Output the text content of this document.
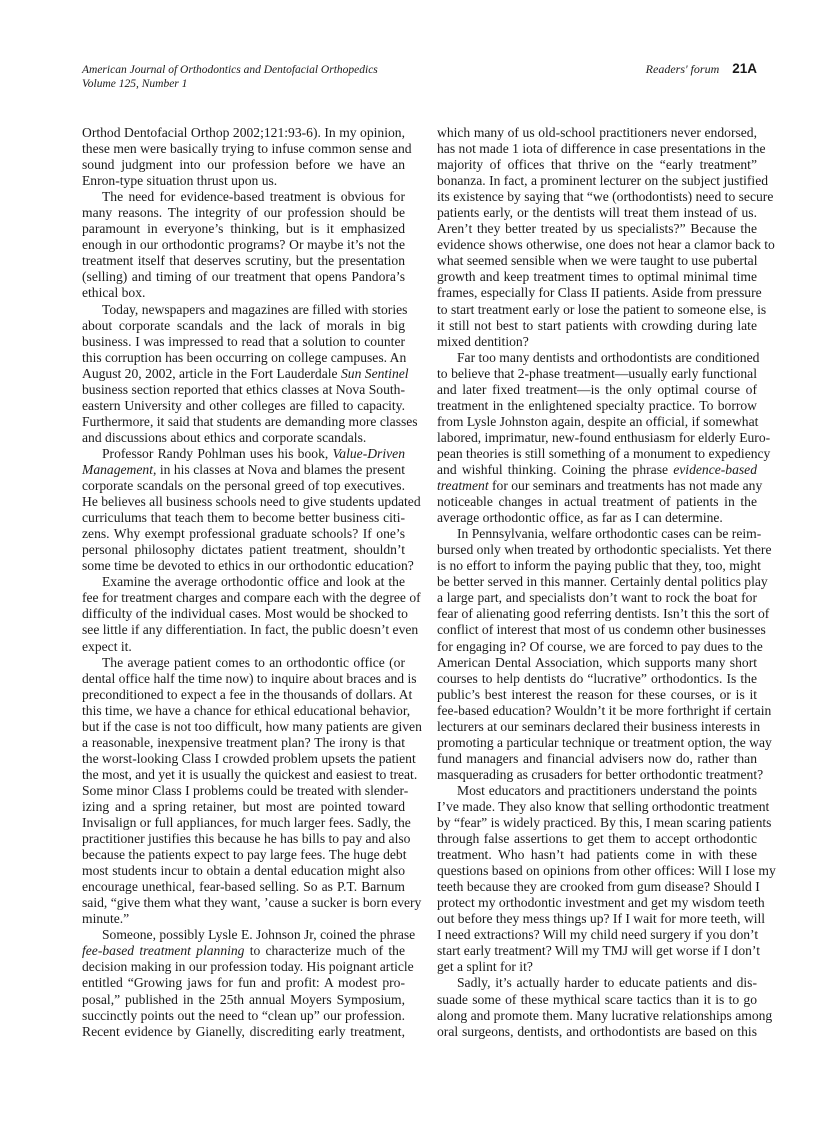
American Journal of Orthodontics and Dentofacial Orthopedics
Volume 125, Number 1
Readers' forum 21A
Orthod Dentofacial Orthop 2002;121:93-6). In my opinion,
these men were basically trying to infuse common sense and
sound judgment into our profession before we have an
Enron-type situation thrust upon us.
The need for evidence-based treatment is obvious for
many reasons. The integrity of our profession should be
paramount in everyone’s thinking, but is it emphasized
enough in our orthodontic programs? Or maybe it’s not the
treatment itself that deserves scrutiny, but the presentation
(selling) and timing of our treatment that opens Pandora’s
ethical box.
Today, newspapers and magazines are filled with stories
about corporate scandals and the lack of morals in big
business. I was impressed to read that a solution to counter
this corruption has been occurring on college campuses. An
August 20, 2002, article in the Fort Lauderdale Sun Sentinel
business section reported that ethics classes at Nova South-
eastern University and other colleges are filled to capacity.
Furthermore, it said that students are demanding more classes
and discussions about ethics and corporate scandals.
Professor Randy Pohlman uses his book, Value-Driven
Management, in his classes at Nova and blames the present
corporate scandals on the personal greed of top executives.
He believes all business schools need to give students updated
curriculums that teach them to become better business citi-
zens. Why exempt professional graduate schools? If one’s
personal philosophy dictates patient treatment, shouldn’t
some time be devoted to ethics in our orthodontic education?
Examine the average orthodontic office and look at the
fee for treatment charges and compare each with the degree of
difficulty of the individual cases. Most would be shocked to
see little if any differentiation. In fact, the public doesn’t even
expect it.
The average patient comes to an orthodontic office (or
dental office half the time now) to inquire about braces and is
preconditioned to expect a fee in the thousands of dollars. At
this time, we have a chance for ethical educational behavior,
but if the case is not too difficult, how many patients are given
a reasonable, inexpensive treatment plan? The irony is that
the worst-looking Class I crowded problem upsets the patient
the most, and yet it is usually the quickest and easiest to treat.
Some minor Class I problems could be treated with slender-
izing and a spring retainer, but most are pointed toward
Invisalign or full appliances, for much larger fees. Sadly, the
practitioner justifies this because he has bills to pay and also
because the patients expect to pay large fees. The huge debt
most students incur to obtain a dental education might also
encourage unethical, fear-based selling. So as P.T. Barnum
said, “give them what they want, ’cause a sucker is born every
minute.”
Someone, possibly Lysle E. Johnson Jr, coined the phrase
fee-based treatment planning to characterize much of the
decision making in our profession today. His poignant article
entitled “Growing jaws for fun and profit: A modest pro-
posal,” published in the 25th annual Moyers Symposium,
succinctly points out the need to “clean up” our profession.
Recent evidence by Gianelly, discrediting early treatment,
which many of us old-school practitioners never endorsed,
has not made 1 iota of difference in case presentations in the
majority of offices that thrive on the “early treatment”
bonanza. In fact, a prominent lecturer on the subject justified
its existence by saying that “we (orthodontists) need to secure
patients early, or the dentists will treat them instead of us.
Aren’t they better treated by us specialists?” Because the
evidence shows otherwise, one does not hear a clamor back to
what seemed sensible when we were taught to use pubertal
growth and keep treatment times to optimal minimal time
frames, especially for Class II patients. Aside from pressure
to start treatment early or lose the patient to someone else, is
it still not best to start patients with crowding during late
mixed dentition?
Far too many dentists and orthodontists are conditioned
to believe that 2-phase treatment—usually early functional
and later fixed treatment—is the only optimal course of
treatment in the enlightened specialty practice. To borrow
from Lysle Johnston again, despite an official, if somewhat
labored, imprimatur, new-found enthusiasm for elderly Euro-
pean theories is still something of a monument to expediency
and wishful thinking. Coining the phrase evidence-based
treatment for our seminars and treatments has not made any
noticeable changes in actual treatment of patients in the
average orthodontic office, as far as I can determine.
In Pennsylvania, welfare orthodontic cases can be reim-
bursed only when treated by orthodontic specialists. Yet there
is no effort to inform the paying public that they, too, might
be better served in this manner. Certainly dental politics play
a large part, and specialists don’t want to rock the boat for
fear of alienating good referring dentists. Isn’t this the sort of
conflict of interest that most of us condemn other businesses
for engaging in? Of course, we are forced to pay dues to the
American Dental Association, which supports many short
courses to help dentists do “lucrative” orthodontics. Is the
public’s best interest the reason for these courses, or is it
fee-based education? Wouldn’t it be more forthright if certain
lecturers at our seminars declared their business interests in
promoting a particular technique or treatment option, the way
fund managers and financial advisers now do, rather than
masquerading as crusaders for better orthodontic treatment?
Most educators and practitioners understand the points
I’ve made. They also know that selling orthodontic treatment
by “fear” is widely practiced. By this, I mean scaring patients
through false assertions to get them to accept orthodontic
treatment. Who hasn’t had patients come in with these
questions based on opinions from other offices: Will I lose my
teeth because they are crooked from gum disease? Should I
protect my orthodontic investment and get my wisdom teeth
out before they mess things up? If I wait for more teeth, will
I need extractions? Will my child need surgery if you don’t
start early treatment? Will my TMJ will get worse if I don’t
get a splint for it?
Sadly, it’s actually harder to educate patients and dis-
suade some of these mythical scare tactics than it is to go
along and promote them. Many lucrative relationships among
oral surgeons, dentists, and orthodontists are based on this
